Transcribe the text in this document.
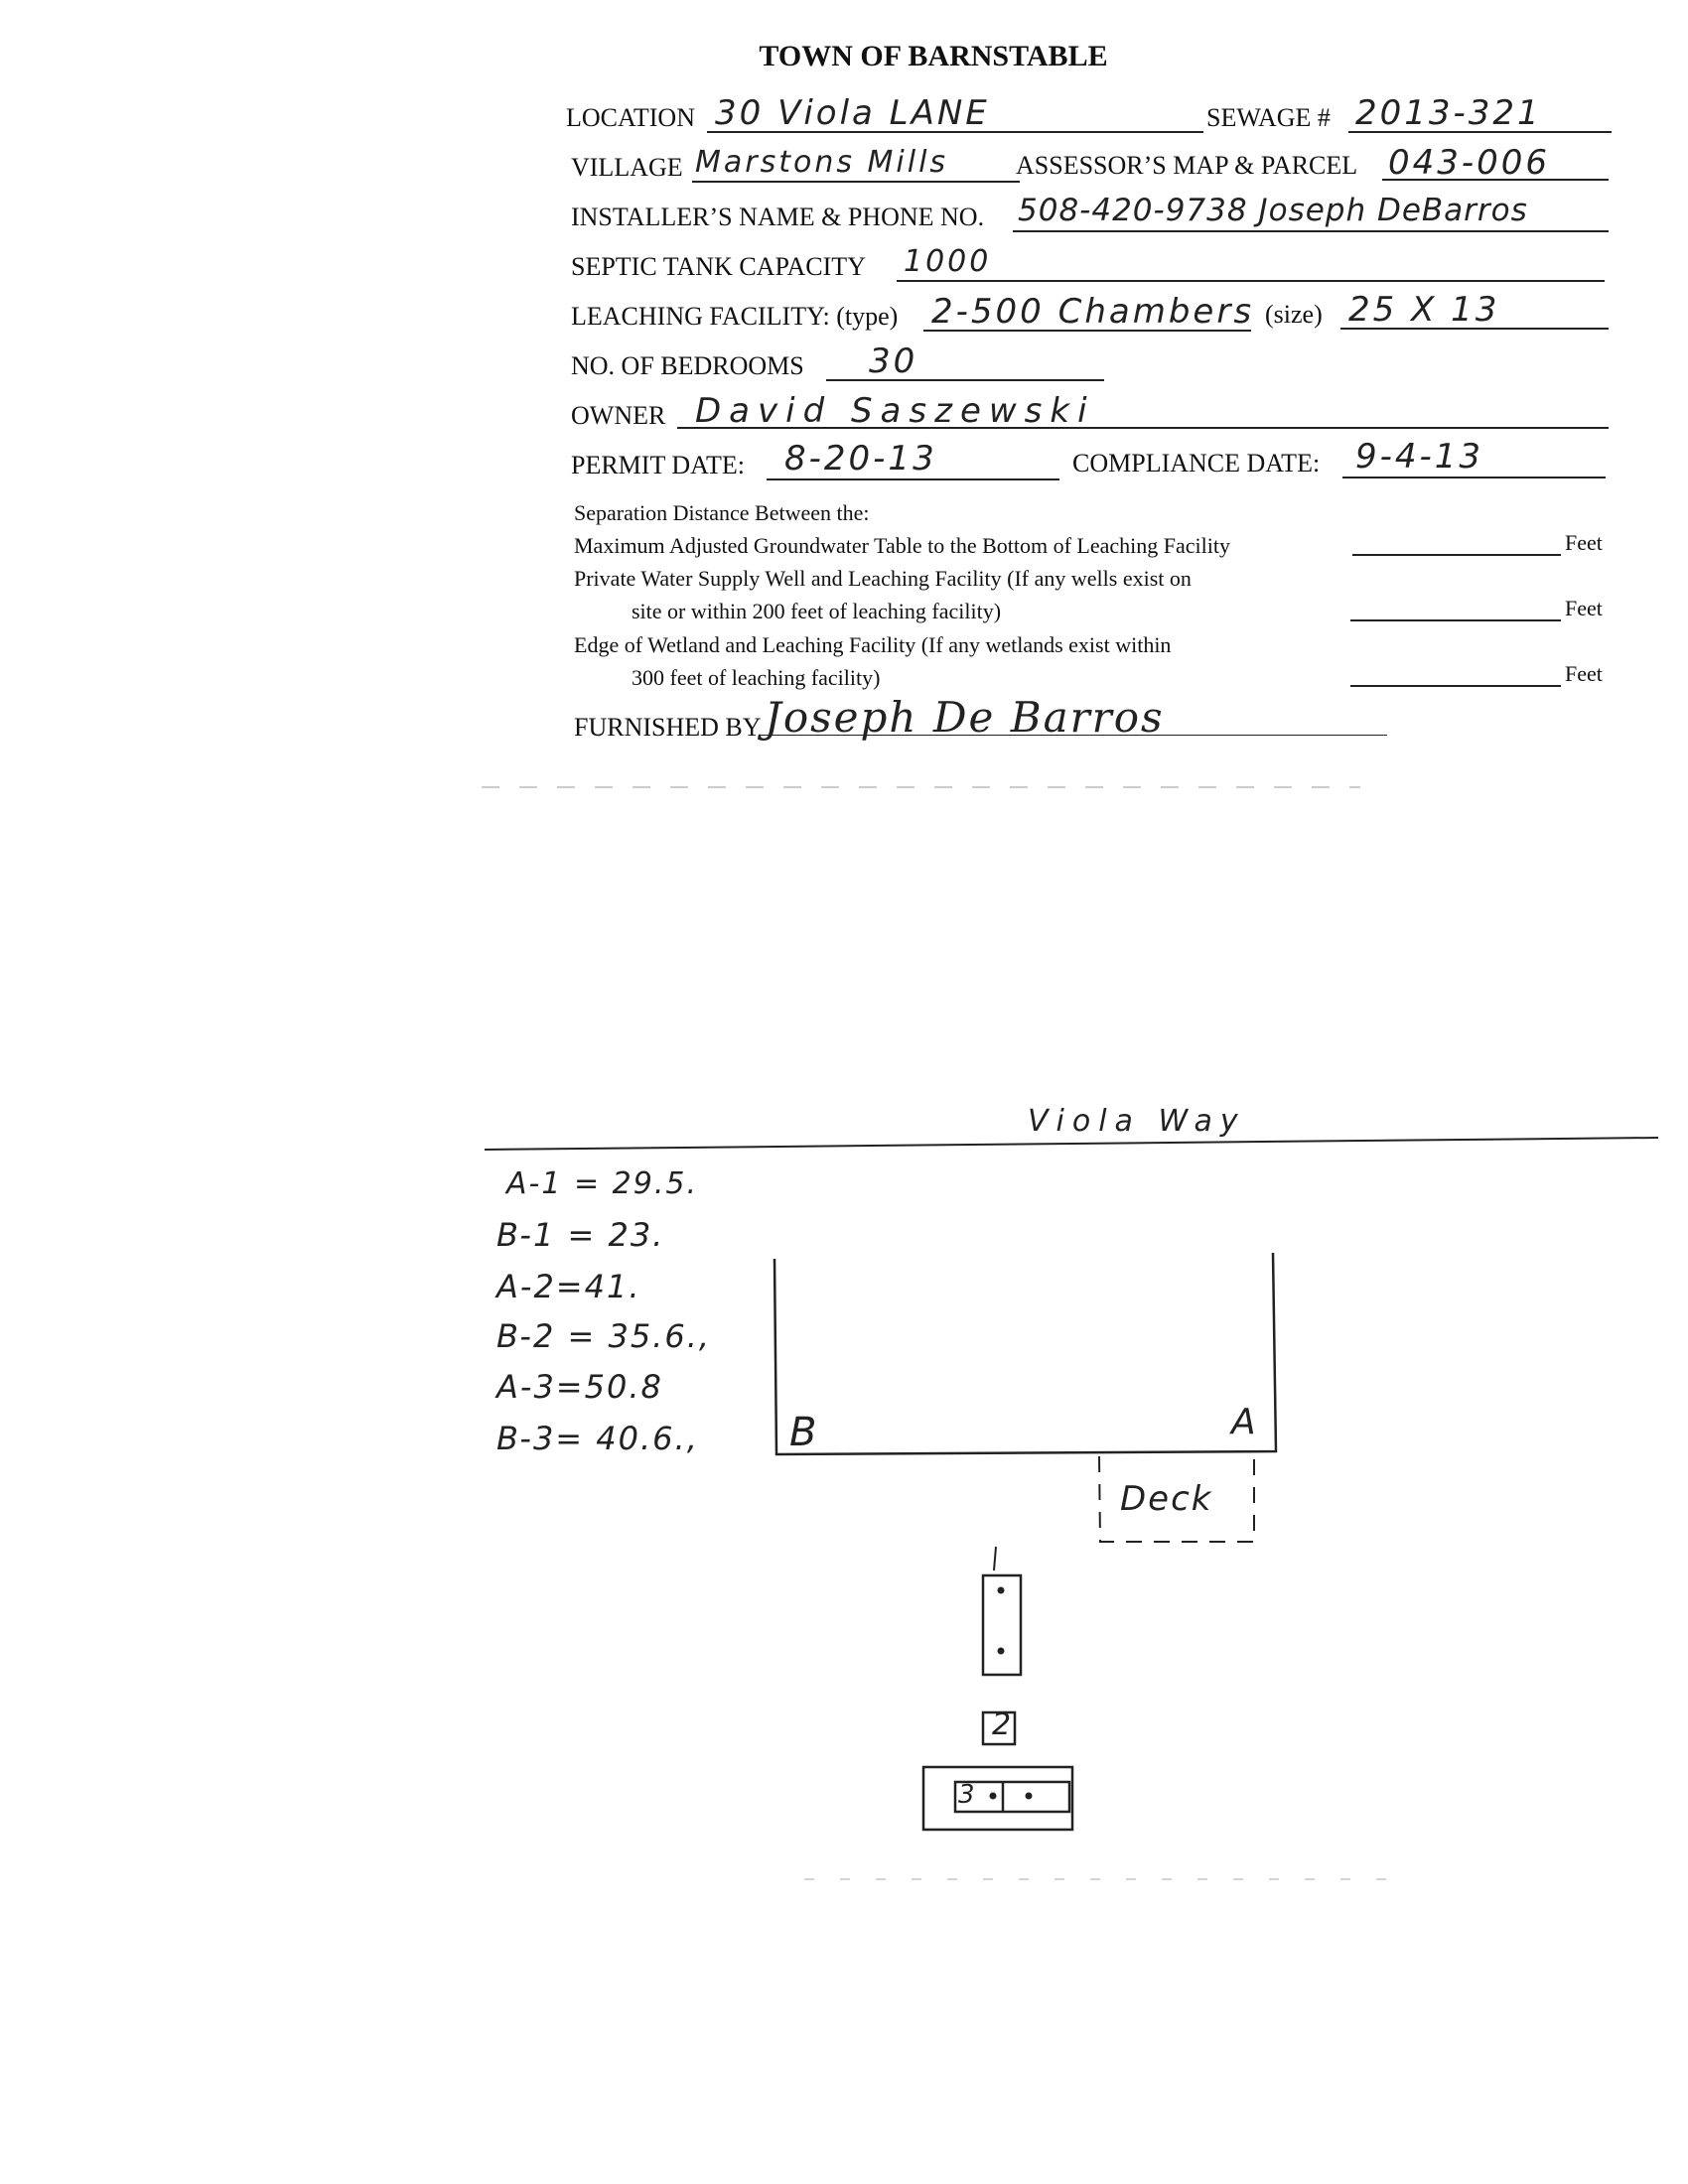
TOWN OF BARNSTABLE
LOCATION 30 Viola LANE	SEWAGE # 2013-321
VILLAGE Marstons Mills	ASSESSOR’S MAP & PARCEL 043-006
INSTALLER’S NAME & PHONE NO. 508-420-9738 Joseph DeBarros
SEPTIC TANK CAPACITY 1000
LEACHING FACILITY: (type) 2-500 Chambers (size) 25 X 13
NO. OF BEDROOMS 30
OWNER David Saszewski
PERMIT DATE: 8-20-13	COMPLIANCE DATE: 9-4-13
Separation Distance Between the:
Maximum Adjusted Groundwater Table to the Bottom of Leaching Facility	Feet
Private Water Supply Well and Leaching Facility (If any wells exist on
site or within 200 feet of leaching facility)	Feet
Edge of Wetland and Leaching Facility (If any wetlands exist within
300 feet of leaching facility)	Feet
FURNISHED BY Joseph De Barros
Viola Way
A-1 = 29.5.
B-1 = 23.
A-2=41.
B-2 = 35.6.,
A-3=50.8
B-3= 40.6., B	A
Deck
2
3
